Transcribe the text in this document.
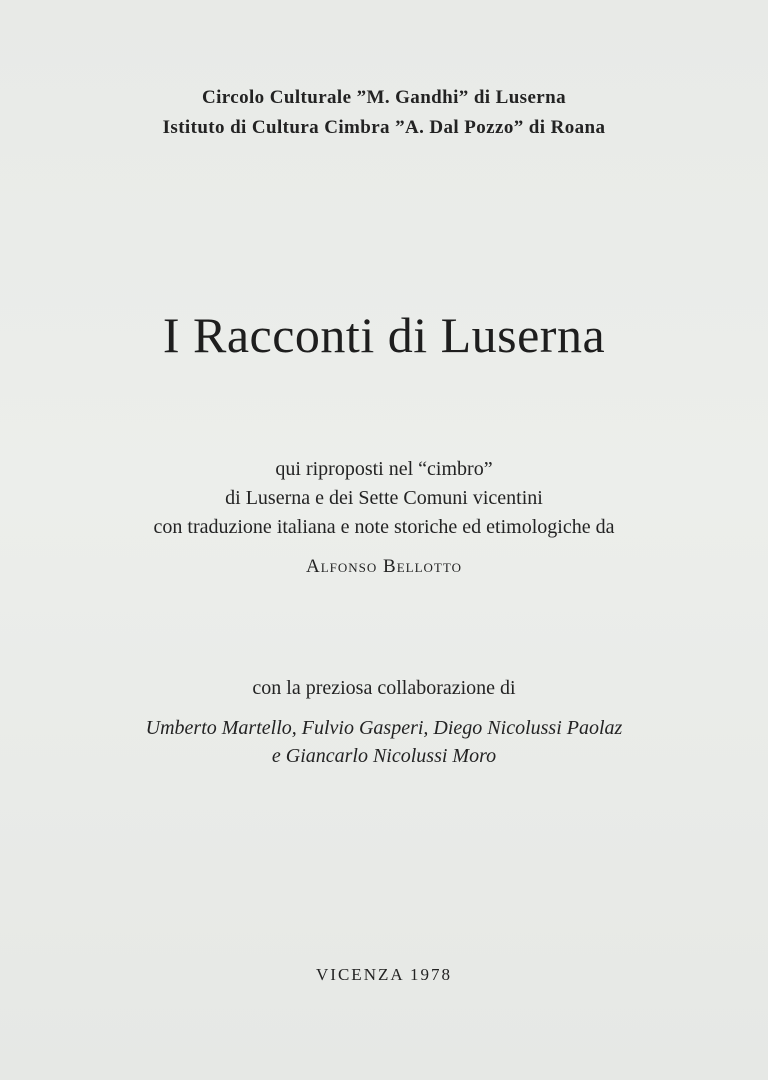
Circolo Culturale ”M. Gandhi” di Luserna
Istituto di Cultura Cimbra ”A. Dal Pozzo” di Roana
I Racconti di Luserna
qui riproposti nel “cimbro”
di Luserna e dei Sette Comuni vicentini
con traduzione italiana e note storiche ed etimologiche da
Alfonso Bellotto
con la preziosa collaborazione di
Umberto Martello, Fulvio Gasperi, Diego Nicolussi Paolaz
e Giancarlo Nicolussi Moro
VICENZA 1978
